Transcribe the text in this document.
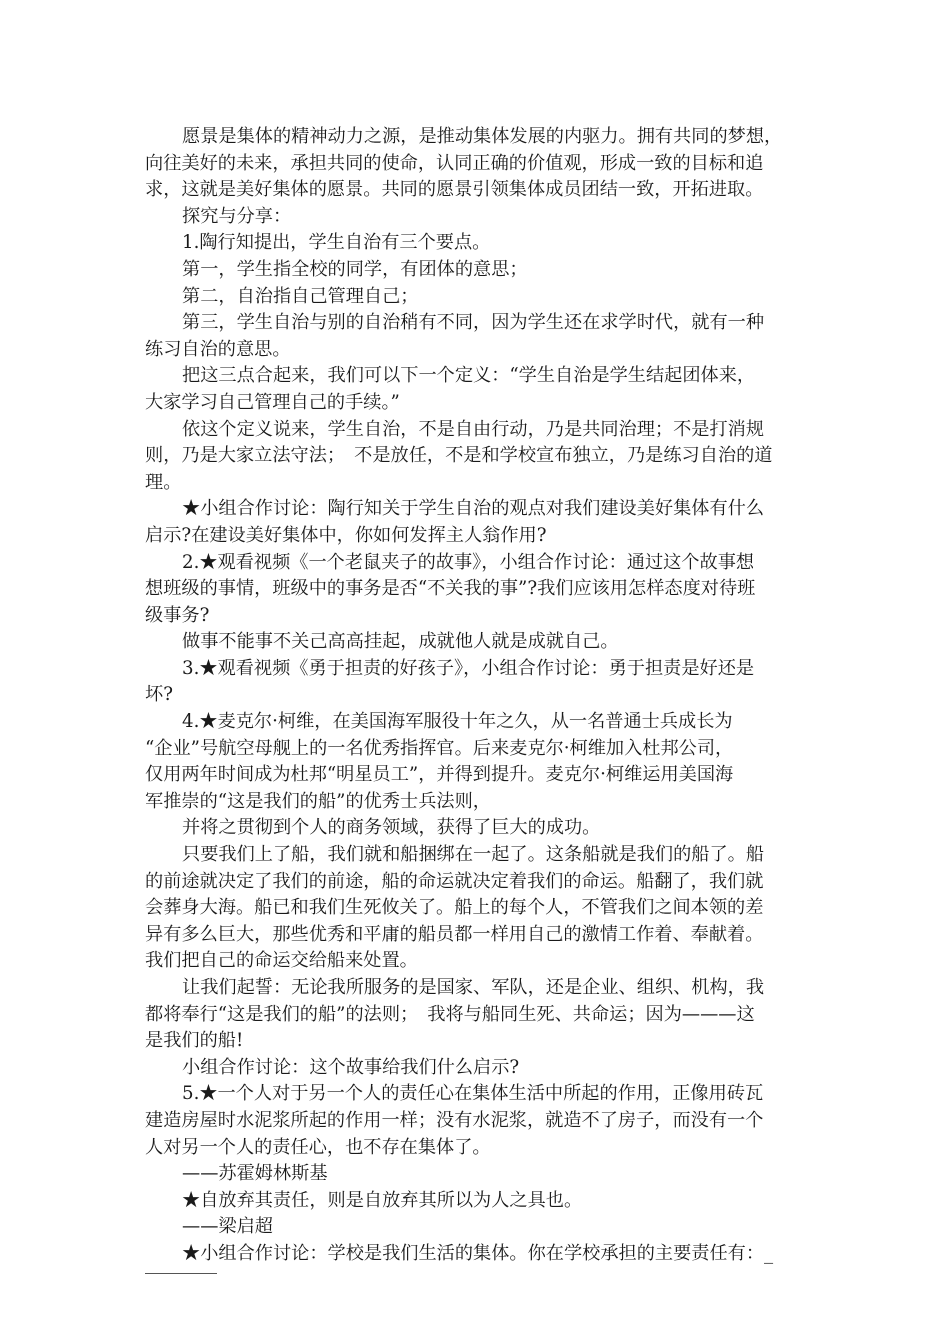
愿景是集体的精神动力之源，是推动集体发展的内驱力。拥有共同的梦想，
向往美好的未来，承担共同的使命，认同正确的价值观，形成一致的目标和追
求，这就是美好集体的愿景。共同的愿景引领集体成员团结一致，开拓进取。
探究与分享：
1.陶行知提出，学生自治有三个要点。
第一，学生指全校的同学，有团体的意思；
第二，自治指自己管理自己；
第三，学生自治与别的自治稍有不同，因为学生还在求学时代，就有一种
练习自治的意思。
把这三点合起来，我们可以下一个定义：“学生自治是学生结起团体来，
大家学习自己管理自己的手续。”
依这个定义说来，学生自治，不是自由行动，乃是共同治理；不是打消规
则，乃是大家立法守法；　不是放任，不是和学校宣布独立，乃是练习自治的道
理。
★小组合作讨论：陶行知关于学生自治的观点对我们建设美好集体有什么
启示?在建设美好集体中，你如何发挥主人翁作用?
2.★观看视频《一个老鼠夹子的故事》，小组合作讨论：通过这个故事想
想班级的事情，班级中的事务是否“不关我的事”?我们应该用怎样态度对待班
级事务?
做事不能事不关己高高挂起，成就他人就是成就自己。
3.★观看视频《勇于担责的好孩子》，小组合作讨论：勇于担责是好还是
坏?
4.★麦克尔·柯维，在美国海军服役十年之久，从一名普通士兵成长为
“企业”号航空母舰上的一名优秀指挥官。后来麦克尔·柯维加入杜邦公司，
仅用两年时间成为杜邦“明星员工”，并得到提升。麦克尔·柯维运用美国海
军推崇的“这是我们的船”的优秀士兵法则，
并将之贯彻到个人的商务领域，获得了巨大的成功。
只要我们上了船，我们就和船捆绑在一起了。这条船就是我们的船了。船
的前途就决定了我们的前途，船的命运就决定着我们的命运。船翻了，我们就
会葬身大海。船已和我们生死攸关了。船上的每个人，不管我们之间本领的差
异有多么巨大，那些优秀和平庸的船员都一样用自己的激情工作着、奉献着。
我们把自己的命运交给船来处置。
让我们起誓：无论我所服务的是国家、军队，还是企业、组织、机构，我
都将奉行“这是我们的船”的法则；　我将与船同生死、共命运；因为———这
是我们的船!
小组合作讨论：这个故事给我们什么启示?
5.★一个人对于另一个人的责任心在集体生活中所起的作用，正像用砖瓦
建造房屋时水泥浆所起的作用一样；没有水泥浆，就造不了房子，而没有一个
人对另一个人的责任心，也不存在集体了。
——苏霍姆林斯基
★自放弃其责任，则是自放弃其所以为人之具也。
——梁启超
★小组合作讨论：学校是我们生活的集体。你在学校承担的主要责任有：_
